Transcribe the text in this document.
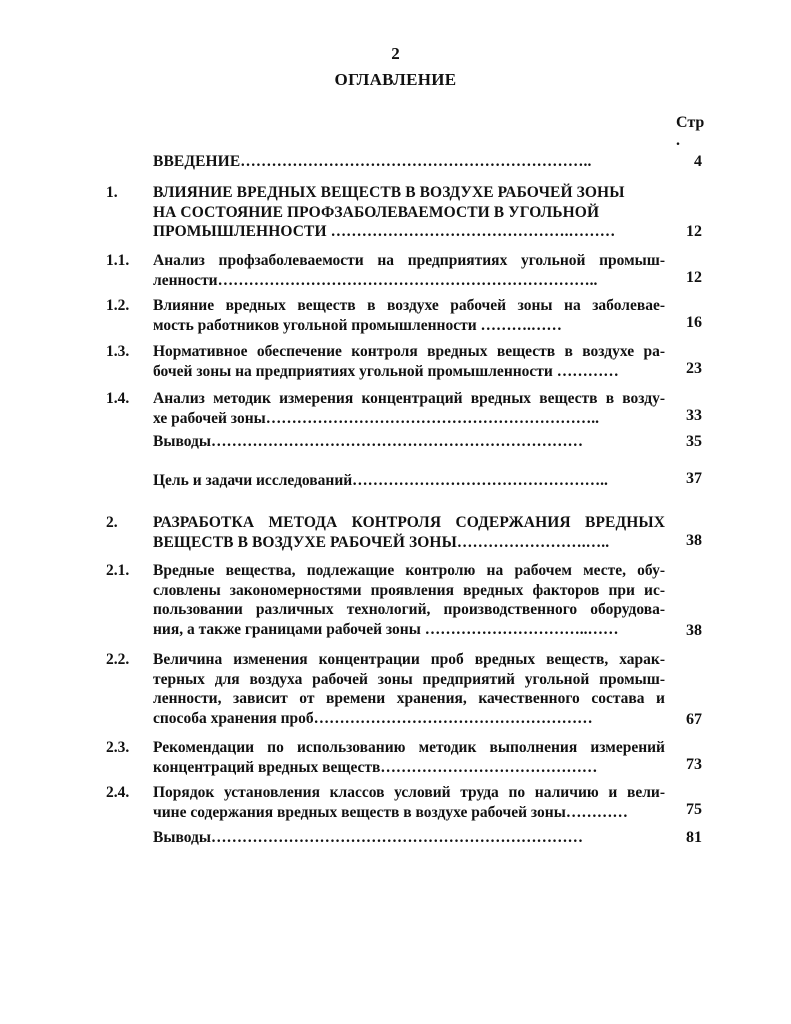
2
ОГЛАВЛЕНИЕ
Стр
.
ВВЕДЕНИЕ…………………………………………………………..	4
1.	ВЛИЯНИЕ ВРЕДНЫХ ВЕЩЕСТВ В ВОЗДУХЕ РАБОЧЕЙ ЗОНЫ
НА СОСТОЯНИЕ ПРОФЗАБОЛЕВАЕМОСТИ В УГОЛЬНОЙ
ПРОМЫШЛЕННОСТИ ……………………………………….………	12
1.1.	Анализ профзаболеваемости на предприятиях угольной промыш-
ленности………………………………………………………………..	12
1.2.	Влияние вредных веществ в воздухе рабочей зоны на заболевае-
мость работников угольной промышленности ……….……	16
1.3.	Нормативное обеспечение контроля вредных веществ в воздухе ра-
бочей зоны на предприятиях угольной промышленности …………	23
1.4.	Анализ методик измерения концентраций вредных веществ в возду-
хе рабочей зоны………………………………………………………..	33
Выводы………………………………………………………………	35
Цель и задачи исследований…………………………………………..	37
2.	РАЗРАБОТКА МЕТОДА КОНТРОЛЯ СОДЕРЖАНИЯ ВРЕДНЫХ
ВЕЩЕСТВ В ВОЗДУХЕ РАБОЧЕЙ ЗОНЫ…………………….…..	38
2.1.	Вредные вещества, подлежащие контролю на рабочем месте, обу-
словлены закономерностями проявления вредных факторов при ис-
пользовании различных технологий, производственного оборудова-
ния, а также границами рабочей зоны …………………………..……	38
2.2.	Величина изменения концентрации проб вредных веществ, харак-
терных для воздуха рабочей зоны предприятий угольной промыш-
ленности, зависит от времени хранения, качественного состава и
способа хранения проб………………………………………………	67
2.3.	Рекомендации по использованию методик выполнения измерений
концентраций вредных веществ……………………………………	73
2.4.	Порядок установления классов условий труда по наличию и вели-
чине содержания вредных веществ в воздухе рабочей зоны…………	75
Выводы………………………………………………………………	81
